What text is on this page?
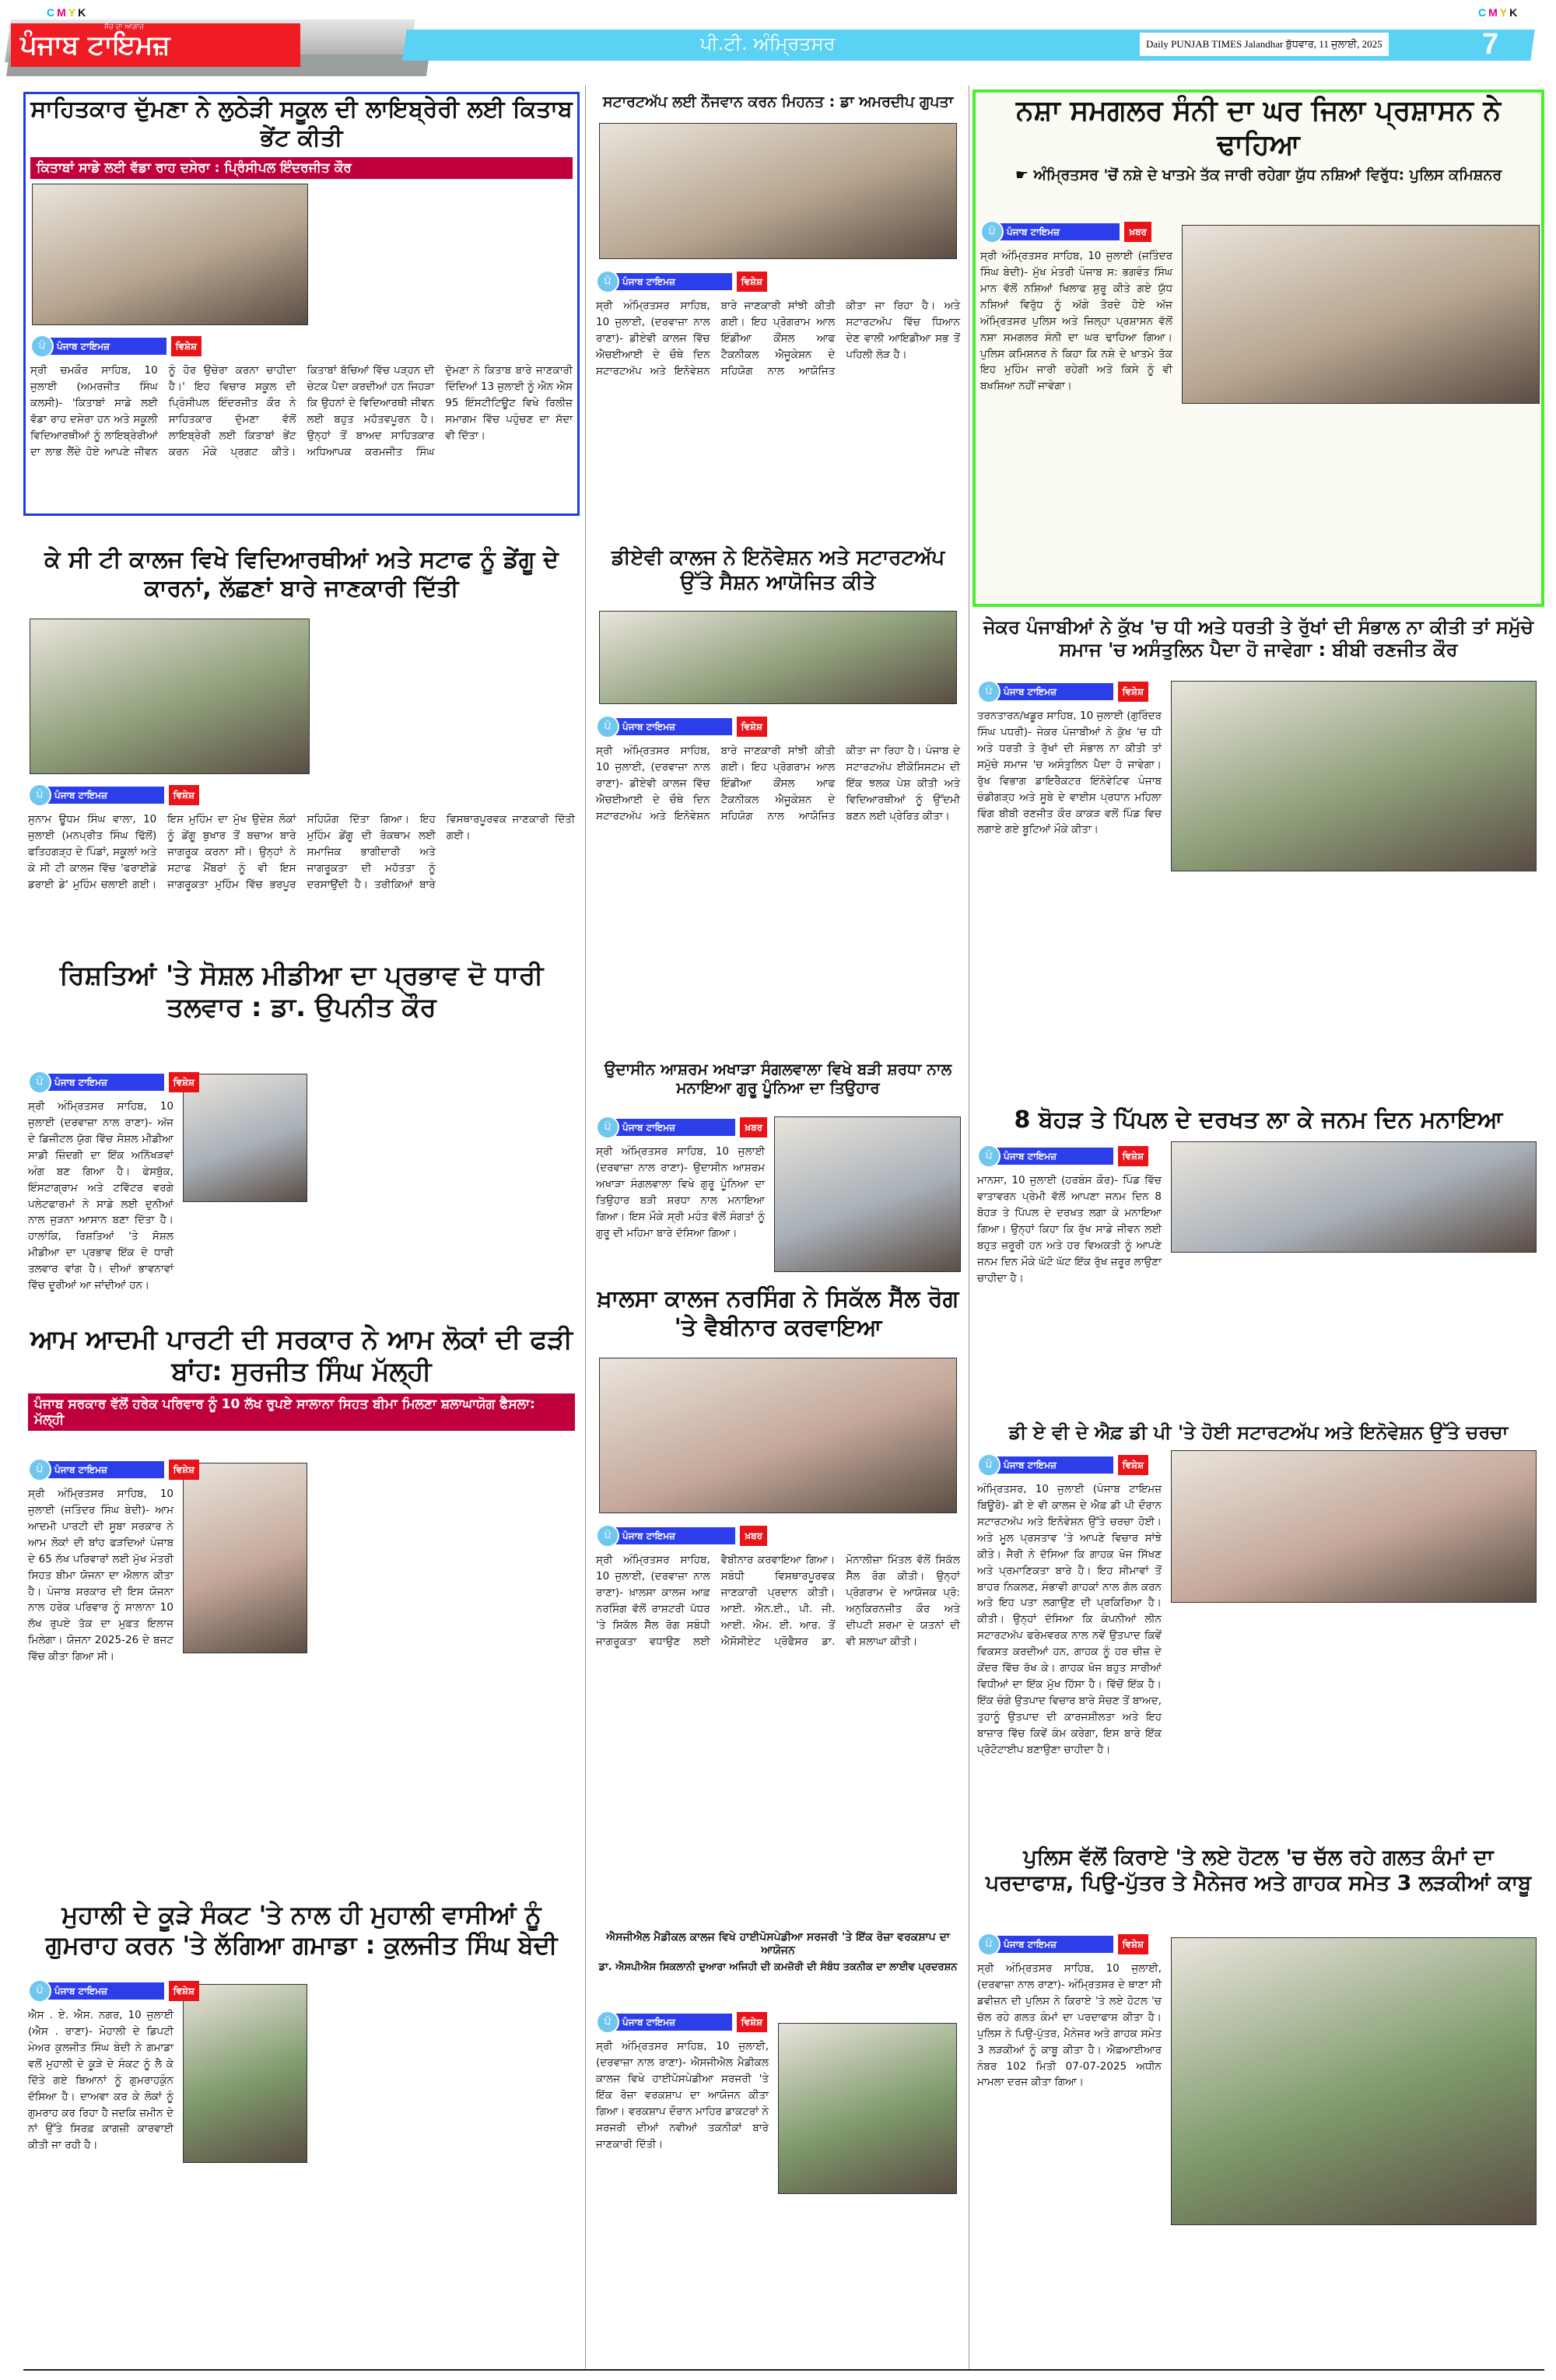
CMYK	CMYK
ਸੱਚ ਦਾ ਆਗਾਜ਼
ਪੰਜਾਬ ਟਾਇਮਜ਼	ਪੀ.ਟੀ. ਅੰਮ੍ਰਿਤਸਰ	Daily PUNJAB TIMES Jalandhar ਬੁੱਧਵਾਰ, 11 ਜੁਲਾਈ, 2025	7
ਸਾਹਿਤਕਾਰ ਦੁੱਮਣਾ ਨੇ ਲੁਠੇੜੀ ਸਕੂਲ ਦੀ ਲਾਇਬ੍ਰੇਰੀ ਲਈ ਕਿਤਾਬ ਭੇਂਟ ਕੀਤੀ
ਕਿਤਾਬਾਂ ਸਾਡੇ ਲਈ ਵੱਡਾ ਰਾਹ ਦਸੇਰਾ : ਪ੍ਰਿੰਸੀਪਲ ਇੰਦਰਜੀਤ ਕੌਰ
ਪੰ	ਪੰਜਾਬ ਟਾਇਮਜ਼	ਵਿਸ਼ੇਸ਼
ਸ੍ਰੀ ਚਮਕੌਰ ਸਾਹਿਬ, 10 ਜੁਲਾਈ (ਅਮਰਜੀਤ ਸਿੰਘ ਕਲਸੀ)- 'ਕਿਤਾਬਾਂ ਸਾਡੇ ਲਈ ਵੱਡਾ ਰਾਹ ਦਸੇਰਾ ਹਨ ਅਤੇ ਸਕੂਲੀ ਵਿਦਿਆਰਥੀਆਂ ਨੂੰ ਲਾਇਬ੍ਰੇਰੀਆਂ ਦਾ ਲਾਭ ਲੈਂਦੇ ਹੋਏ ਆਪਣੇ ਜੀਵਨ ਨੂੰ ਹੋਰ ਉਚੇਰਾ ਕਰਨਾ ਚਾਹੀਦਾ ਹੈ।' ਇਹ ਵਿਚਾਰ ਸਕੂਲ ਦੀ ਪ੍ਰਿੰਸੀਪਲ ਇੰਦਰਜੀਤ ਕੌਰ ਨੇ ਸਾਹਿਤਕਾਰ ਦੁੱਮਣਾ ਵੱਲੋਂ ਲਾਇਬ੍ਰੇਰੀ ਲਈ ਕਿਤਾਬਾਂ ਭੇਂਟ ਕਰਨ ਮੌਕੇ ਪ੍ਰਗਟ ਕੀਤੇ। ਕਿਤਾਬਾਂ ਬੱਚਿਆਂ ਵਿੱਚ ਪੜ੍ਹਨ ਦੀ ਚੇਟਕ ਪੈਦਾ ਕਰਦੀਆਂ ਹਨ ਜਿਹੜਾ ਕਿ ਉਹਨਾਂ ਦੇ ਵਿਦਿਆਰਥੀ ਜੀਵਨ ਲਈ ਬਹੁਤ ਮਹੱਤਵਪੂਰਨ ਹੈ। ਉਨ੍ਹਾਂ ਤੋਂ ਬਾਅਦ ਸਾਹਿਤਕਾਰ ਅਧਿਆਪਕ ਕਰਮਜੀਤ ਸਿੰਘ ਦੁੱਮਣਾ ਨੇ ਕਿਤਾਬ ਬਾਰੇ ਜਾਣਕਾਰੀ ਦਿੰਦਿਆਂ 13 ਜੁਲਾਈ ਨੂੰ ਐਨ ਐਸ 95 ਇੰਸਟੀਟਿਊਟ ਵਿਖੇ ਰਿਲੀਜ਼ ਸਮਾਗਮ ਵਿੱਚ ਪਹੁੰਚਣ ਦਾ ਸੱਦਾ ਵੀ ਦਿੱਤਾ।
ਕੇ ਸੀ ਟੀ ਕਾਲਜ ਵਿਖੇ ਵਿਦਿਆਰਥੀਆਂ ਅਤੇ ਸਟਾਫ ਨੂੰ ਡੇਂਗੂ ਦੇ ਕਾਰਨਾਂ, ਲੱਛਣਾਂ ਬਾਰੇ ਜਾਣਕਾਰੀ ਦਿੱਤੀ
ਪੰ	ਪੰਜਾਬ ਟਾਇਮਜ਼	ਵਿਸ਼ੇਸ਼
ਸੁਨਾਮ ਊਧਮ ਸਿੰਘ ਵਾਲਾ, 10 ਜੁਲਾਈ (ਮਨਪ੍ਰੀਤ ਸਿੰਘ ਢਿੱਲੋਂ) ਫਤਿਹਗੜ੍ਹ ਦੇ ਪਿੰਡਾਂ, ਸਕੂਲਾਂ ਅਤੇ ਕੇ ਸੀ ਟੀ ਕਾਲਜ ਵਿੱਚ 'ਫਰਾਈਡੇ ਡਰਾਈ ਡੇ' ਮੁਹਿੰਮ ਚਲਾਈ ਗਈ। ਇਸ ਮੁਹਿੰਮ ਦਾ ਮੁੱਖ ਉਦੇਸ਼ ਲੋਕਾਂ ਨੂੰ ਡੇਂਗੂ ਬੁਖਾਰ ਤੋਂ ਬਚਾਅ ਬਾਰੇ ਜਾਗਰੂਕ ਕਰਨਾ ਸੀ। ਉਨ੍ਹਾਂ ਨੇ ਸਟਾਫ ਮੈਂਬਰਾਂ ਨੂੰ ਵੀ ਇਸ ਜਾਗਰੂਕਤਾ ਮੁਹਿੰਮ ਵਿੱਚ ਭਰਪੂਰ ਸਹਿਯੋਗ ਦਿੱਤਾ ਗਿਆ। ਇਹ ਮੁਹਿੰਮ ਡੇਂਗੂ ਦੀ ਰੋਕਥਾਮ ਲਈ ਸਮਾਜਿਕ ਭਾਗੀਦਾਰੀ ਅਤੇ ਜਾਗਰੂਕਤਾ ਦੀ ਮਹੱਤਤਾ ਨੂੰ ਦਰਸਾਉਂਦੀ ਹੈ। ਤਰੀਕਿਆਂ ਬਾਰੇ ਵਿਸਥਾਰਪੂਰਵਕ ਜਾਣਕਾਰੀ ਦਿੱਤੀ ਗਈ।
ਰਿਸ਼ਤਿਆਂ 'ਤੇ ਸੋਸ਼ਲ ਮੀਡੀਆ ਦਾ ਪ੍ਰਭਾਵ ਦੋ ਧਾਰੀ ਤਲਵਾਰ : ਡਾ. ਉਪਨੀਤ ਕੌਰ
ਪੰ	ਪੰਜਾਬ ਟਾਇਮਜ਼	ਵਿਸ਼ੇਸ਼
ਸ੍ਰੀ ਅੰਮ੍ਰਿਤਸਰ ਸਾਹਿਬ, 10 ਜੁਲਾਈ (ਦਰਵਾਜ਼ਾ ਨਾਲ ਰਾਣਾ)- ਅੱਜ ਦੇ ਡਿਜੀਟਲ ਯੁੱਗ ਵਿੱਚ ਸੋਸ਼ਲ ਮੀਡੀਆ ਸਾਡੀ ਜ਼ਿੰਦਗੀ ਦਾ ਇੱਕ ਅਨਿੱਖੜਵਾਂ ਅੰਗ ਬਣ ਗਿਆ ਹੈ। ਫੇਸਬੁੱਕ, ਇੰਸਟਾਗ੍ਰਾਮ ਅਤੇ ਟਵਿੱਟਰ ਵਰਗੇ ਪਲੇਟਫਾਰਮਾਂ ਨੇ ਸਾਡੇ ਲਈ ਦੁਨੀਆਂ ਨਾਲ ਜੁੜਨਾ ਆਸਾਨ ਬਣਾ ਦਿੱਤਾ ਹੈ। ਹਾਲਾਂਕਿ, ਰਿਸ਼ਤਿਆਂ 'ਤੇ ਸੋਸ਼ਲ ਮੀਡੀਆ ਦਾ ਪ੍ਰਭਾਵ ਇੱਕ ਦੋ ਧਾਰੀ ਤਲਵਾਰ ਵਾਂਗ ਹੈ। ਦੀਆਂ ਭਾਵਨਾਵਾਂ ਵਿੱਚ ਦੂਰੀਆਂ ਆ ਜਾਂਦੀਆਂ ਹਨ।
ਆਮ ਆਦਮੀ ਪਾਰਟੀ ਦੀ ਸਰਕਾਰ ਨੇ ਆਮ ਲੋਕਾਂ ਦੀ ਫੜੀ ਬਾਂਹ: ਸੁਰਜੀਤ ਸਿੰਘ ਮੱਲ੍ਹੀ
ਪੰਜਾਬ ਸਰਕਾਰ ਵੱਲੋਂ ਹਰੇਕ ਪਰਿਵਾਰ ਨੂੰ 10 ਲੱਖ ਰੁਪਏ ਸਾਲਾਨਾ ਸਿਹਤ ਬੀਮਾ ਮਿਲਣਾ ਸ਼ਲਾਘਾਯੋਗ ਫੈਸਲਾ: ਮੱਲ੍ਹੀ
ਪੰ	ਪੰਜਾਬ ਟਾਇਮਜ਼	ਵਿਸ਼ੇਸ਼
ਸ੍ਰੀ ਅੰਮ੍ਰਿਤਸਰ ਸਾਹਿਬ, 10 ਜੁਲਾਈ (ਜਤਿੰਦਰ ਸਿੰਘ ਬੇਦੀ)- ਆਮ ਆਦਮੀ ਪਾਰਟੀ ਦੀ ਸੂਬਾ ਸਰਕਾਰ ਨੇ ਆਮ ਲੋਕਾਂ ਦੀ ਬਾਂਹ ਫੜਦਿਆਂ ਪੰਜਾਬ ਦੇ 65 ਲੱਖ ਪਰਿਵਾਰਾਂ ਲਈ ਮੁੱਖ ਮੰਤਰੀ ਸਿਹਤ ਬੀਮਾ ਯੋਜਨਾ ਦਾ ਐਲਾਨ ਕੀਤਾ ਹੈ। ਪੰਜਾਬ ਸਰਕਾਰ ਦੀ ਇਸ ਯੋਜਨਾ ਨਾਲ ਹਰੇਕ ਪਰਿਵਾਰ ਨੂੰ ਸਾਲਾਨਾ 10 ਲੱਖ ਰੁਪਏ ਤੱਕ ਦਾ ਮੁਫ਼ਤ ਇਲਾਜ ਮਿਲੇਗਾ। ਯੋਜਨਾ 2025-26 ਦੇ ਬਜਟ ਵਿੱਚ ਕੀਤਾ ਗਿਆ ਸੀ।
ਮੁਹਾਲੀ ਦੇ ਕੂੜੇ ਸੰਕਟ 'ਤੇ ਨਾਲ ਹੀ ਮੁਹਾਲੀ ਵਾਸੀਆਂ ਨੂੰ ਗੁਮਰਾਹ ਕਰਨ 'ਤੇ ਲੱਗਿਆ ਗਮਾਡਾ : ਕੁਲਜੀਤ ਸਿੰਘ ਬੇਦੀ
ਪੰ	ਪੰਜਾਬ ਟਾਇਮਜ਼	ਵਿਸ਼ੇਸ਼
ਐਸ . ਏ. ਐਸ. ਨਗਰ, 10 ਜੁਲਾਈ (ਐਸ . ਰਾਣਾ)- ਮੋਹਾਲੀ ਦੇ ਡਿਪਟੀ ਮੇਅਰ ਕੁਲਜੀਤ ਸਿੰਘ ਬੇਦੀ ਨੇ ਗਮਾਡਾ ਵਲੋਂ ਮੁਹਾਲੀ ਦੇ ਕੂੜੇ ਦੇ ਸੰਕਟ ਨੂੰ ਲੈ ਕੇ ਦਿੱਤੇ ਗਏ ਬਿਆਨਾਂ ਨੂੰ ਗੁਮਰਾਹਕੁੰਨ ਦੱਸਿਆ ਹੈ। ਦਾਅਵਾ ਕਰ ਕੇ ਲੋਕਾਂ ਨੂੰ ਗੁਮਰਾਹ ਕਰ ਰਿਹਾ ਹੈ ਜਦਕਿ ਜ਼ਮੀਨ ਦੇ ਨਾਂ ਉੱਤੇ ਸਿਰਫ਼ ਕਾਗਜ਼ੀ ਕਾਰਵਾਈ ਕੀਤੀ ਜਾ ਰਹੀ ਹੈ।
ਸਟਾਰਟਅੱਪ ਲਈ ਨੌਜਵਾਨ ਕਰਨ ਮਿਹਨਤ : ਡਾ ਅਮਰਦੀਪ ਗੁਪਤਾ
ਪੰ	ਪੰਜਾਬ ਟਾਇਮਜ਼	ਵਿਸ਼ੇਸ਼
ਸ੍ਰੀ ਅੰਮ੍ਰਿਤਸਰ ਸਾਹਿਬ, 10 ਜੁਲਾਈ, (ਦਰਵਾਜ਼ਾ ਨਾਲ ਰਾਣਾ)- ਡੀਏਵੀ ਕਾਲਜ ਵਿੱਚ ਐਚਈਆਈ ਦੇ ਚੌਥੇ ਦਿਨ ਸਟਾਰਟਅੱਪ ਅਤੇ ਇਨੋਵੇਸ਼ਨ ਬਾਰੇ ਜਾਣਕਾਰੀ ਸਾਂਝੀ ਕੀਤੀ ਗਈ। ਇਹ ਪ੍ਰੋਗਰਾਮ ਆਲ ਇੰਡੀਆ ਕੌਂਸਲ ਆਫ ਟੈਕਨੀਕਲ ਐਜੂਕੇਸ਼ਨ ਦੇ ਸਹਿਯੋਗ ਨਾਲ ਆਯੋਜਿਤ ਕੀਤਾ ਜਾ ਰਿਹਾ ਹੈ। ਅਤੇ ਸਟਾਰਟਅੱਪ ਵਿੱਚ ਧਿਆਨ ਦੇਣ ਵਾਲੀ ਆਇਡੀਆ ਸਭ ਤੋਂ ਪਹਿਲੀ ਲੋੜ ਹੈ।
ਡੀਏਵੀ ਕਾਲਜ ਨੇ ਇਨੋਵੇਸ਼ਨ ਅਤੇ ਸਟਾਰਟਅੱਪ ਉੱਤੇ ਸੈਸ਼ਨ ਆਯੋਜਿਤ ਕੀਤੇ
ਪੰ	ਪੰਜਾਬ ਟਾਇਮਜ਼	ਵਿਸ਼ੇਸ਼
ਸ੍ਰੀ ਅੰਮ੍ਰਿਤਸਰ ਸਾਹਿਬ, 10 ਜੁਲਾਈ, (ਦਰਵਾਜ਼ਾ ਨਾਲ ਰਾਣਾ)- ਡੀਏਵੀ ਕਾਲਜ ਵਿੱਚ ਐਚਈਆਈ ਦੇ ਚੌਥੇ ਦਿਨ ਸਟਾਰਟਅੱਪ ਅਤੇ ਇਨੋਵੇਸ਼ਨ ਬਾਰੇ ਜਾਣਕਾਰੀ ਸਾਂਝੀ ਕੀਤੀ ਗਈ। ਇਹ ਪ੍ਰੋਗਰਾਮ ਆਲ ਇੰਡੀਆ ਕੌਂਸਲ ਆਫ ਟੈਕਨੀਕਲ ਐਜੂਕੇਸ਼ਨ ਦੇ ਸਹਿਯੋਗ ਨਾਲ ਆਯੋਜਿਤ ਕੀਤਾ ਜਾ ਰਿਹਾ ਹੈ। ਪੰਜਾਬ ਦੇ ਸਟਾਰਟਅੱਪ ਈਕੋਸਿਸਟਮ ਦੀ ਇੱਕ ਝਲਕ ਪੇਸ਼ ਕੀਤੀ ਅਤੇ ਵਿਦਿਆਰਥੀਆਂ ਨੂੰ ਉੱਦਮੀ ਬਣਨ ਲਈ ਪ੍ਰੇਰਿਤ ਕੀਤਾ।
ਉਦਾਸੀਨ ਆਸ਼ਰਮ ਅਖਾੜਾ ਸੰਗਲਵਾਲਾ ਵਿਖੇ ਬੜੀ ਸ਼ਰਧਾ ਨਾਲ ਮਨਾਇਆ ਗੁਰੂ ਪੂੰਨਿਆ ਦਾ ਤਿਉਹਾਰ
ਪੰ	ਪੰਜਾਬ ਟਾਇਮਜ਼	ਖ਼ਬਰ
ਸ੍ਰੀ ਅੰਮ੍ਰਿਤਸਰ ਸਾਹਿਬ, 10 ਜੁਲਾਈ (ਦਰਵਾਜ਼ਾ ਨਾਲ ਰਾਣਾ)- ਉਦਾਸੀਨ ਆਸ਼ਰਮ ਅਖਾੜਾ ਸੰਗਲਵਾਲਾ ਵਿਖੇ ਗੁਰੂ ਪੂੰਨਿਆ ਦਾ ਤਿਉਹਾਰ ਬੜੀ ਸ਼ਰਧਾ ਨਾਲ ਮਨਾਇਆ ਗਿਆ। ਇਸ ਮੌਕੇ ਸ੍ਰੀ ਮਹੰਤ ਵੱਲੋਂ ਸੰਗਤਾਂ ਨੂੰ ਗੁਰੂ ਦੀ ਮਹਿਮਾ ਬਾਰੇ ਦੱਸਿਆ ਗਿਆ।
ਖ਼ਾਲਸਾ ਕਾਲਜ ਨਰਸਿੰਗ ਨੇ ਸਿਕੱਲ ਸੈੱਲ ਰੋਗ 'ਤੇ ਵੈਬੀਨਾਰ ਕਰਵਾਇਆ
ਪੰ	ਪੰਜਾਬ ਟਾਇਮਜ਼	ਖ਼ਬਰ
ਸ੍ਰੀ ਅੰਮ੍ਰਿਤਸਰ ਸਾਹਿਬ, 10 ਜੁਲਾਈ, (ਦਰਵਾਜ਼ਾ ਨਾਲ ਰਾਣਾ)- ਖ਼ਾਲਸਾ ਕਾਲਜ ਆਫ਼ ਨਰਸਿੰਗ ਵੱਲੋਂ ਰਾਸ਼ਟਰੀ ਪੱਧਰ 'ਤੇ ਸਿਕੱਲ ਸੈੱਲ ਰੋਗ ਸਬੰਧੀ ਜਾਗਰੂਕਤਾ ਵਧਾਉਣ ਲਈ ਵੈਬੀਨਾਰ ਕਰਵਾਇਆ ਗਿਆ। ਸਬੰਧੀ ਵਿਸਥਾਰਪੂਰਵਕ ਜਾਣਕਾਰੀ ਪ੍ਰਦਾਨ ਕੀਤੀ। ਆਈ. ਐਨ.ਈ., ਪੀ. ਜੀ. ਆਈ. ਐਮ. ਈ. ਆਰ. ਤੋਂ ਐਸੋਸੀਏਟ ਪ੍ਰੋਫੈਸਰ ਡਾ. ਮੋਨਾਲੀਜ਼ਾ ਮਿੱਤਲ ਵੱਲੋਂ ਸਿਕੱਲ ਸੈੱਲ ਰੋਗ ਕੀਤੀ। ਉਨ੍ਹਾਂ ਪ੍ਰੋਗਰਾਮ ਦੇ ਆਯੋਜਕ ਪ੍ਰੋ: ਅਨੁਕਿਰਨਜੀਤ ਕੌਰ ਅਤੇ ਦੀਪਟੀ ਸ਼ਰਮਾ ਦੇ ਯਤਨਾਂ ਦੀ ਵੀ ਸ਼ਲਾਘਾ ਕੀਤੀ।
ਐਸਜੀਐਲ ਮੈਡੀਕਲ ਕਾਲਜ ਵਿਖੇ ਹਾਈਪੋਸਪੇਡੀਆ ਸਰਜਰੀ 'ਤੇ ਇੱਕ ਰੋਜ਼ਾ ਵਰਕਸ਼ਾਪ ਦਾ ਆਯੋਜਨ
ਡਾ. ਐਸਪੀਐਸ ਸਿਕਲਾਨੀ ਦੁਆਰਾ ਅਜਿਹੀ ਦੀ ਕਮਜ਼ੋਰੀ ਦੀ ਸੰਬੰਧ ਤਕਨੀਕ ਦਾ ਲਾਈਵ ਪ੍ਰਦਰਸ਼ਨ
ਪੰ	ਪੰਜਾਬ ਟਾਇਮਜ਼	ਵਿਸ਼ੇਸ਼
ਸ੍ਰੀ ਅੰਮ੍ਰਿਤਸਰ ਸਾਹਿਬ, 10 ਜੁਲਾਈ, (ਦਰਵਾਜ਼ਾ ਨਾਲ ਰਾਣਾ)- ਐਸਜੀਐਲ ਮੈਡੀਕਲ ਕਾਲਜ ਵਿਖੇ ਹਾਈਪੋਸਪੇਡੀਆ ਸਰਜਰੀ 'ਤੇ ਇੱਕ ਰੋਜ਼ਾ ਵਰਕਸ਼ਾਪ ਦਾ ਆਯੋਜਨ ਕੀਤਾ ਗਿਆ। ਵਰਕਸ਼ਾਪ ਦੌਰਾਨ ਮਾਹਿਰ ਡਾਕਟਰਾਂ ਨੇ ਸਰਜਰੀ ਦੀਆਂ ਨਵੀਆਂ ਤਕਨੀਕਾਂ ਬਾਰੇ ਜਾਣਕਾਰੀ ਦਿੱਤੀ।
ਨਸ਼ਾ ਸਮਗਲਰ ਸੰਨੀ ਦਾ ਘਰ ਜਿਲਾ ਪ੍ਰਸ਼ਾਸਨ ਨੇ ਢਾਹਿਆ
☛ ਅੰਮ੍ਰਿਤਸਰ 'ਚੋਂ ਨਸ਼ੇ ਦੇ ਖਾਤਮੇ ਤੱਕ ਜਾਰੀ ਰਹੇਗਾ ਯੁੱਧ ਨਸ਼ਿਆਂ ਵਿਰੁੱਧ: ਪੁਲਿਸ ਕਮਿਸ਼ਨਰ
ਪੰ	ਪੰਜਾਬ ਟਾਇਮਜ਼	ਖ਼ਬਰ
ਸ੍ਰੀ ਅੰਮ੍ਰਿਤਸਰ ਸਾਹਿਬ, 10 ਜੁਲਾਈ (ਜਤਿੰਦਰ ਸਿੰਘ ਬੇਦੀ)- ਮੁੱਖ ਮੰਤਰੀ ਪੰਜਾਬ ਸ: ਭਗਵੰਤ ਸਿੰਘ ਮਾਨ ਵੱਲੋਂ ਨਸ਼ਿਆਂ ਖਿਲਾਫ ਸ਼ੁਰੂ ਕੀਤੇ ਗਏ ਯੁੱਧ ਨਸ਼ਿਆਂ ਵਿਰੁੱਧ ਨੂੰ ਅੱਗੇ ਤੋਰਦੇ ਹੋਏ ਅੱਜ ਅੰਮ੍ਰਿਤਸਰ ਪੁਲਿਸ ਅਤੇ ਜਿਲ੍ਹਾ ਪ੍ਰਸ਼ਾਸਨ ਵੱਲੋਂ ਨਸ਼ਾ ਸਮਗਲਰ ਸੰਨੀ ਦਾ ਘਰ ਢਾਹਿਆ ਗਿਆ। ਪੁਲਿਸ ਕਮਿਸ਼ਨਰ ਨੇ ਕਿਹਾ ਕਿ ਨਸ਼ੇ ਦੇ ਖਾਤਮੇ ਤੱਕ ਇਹ ਮੁਹਿੰਮ ਜਾਰੀ ਰਹੇਗੀ ਅਤੇ ਕਿਸੇ ਨੂੰ ਵੀ ਬਖਸ਼ਿਆ ਨਹੀਂ ਜਾਵੇਗਾ।
ਜੇਕਰ ਪੰਜਾਬੀਆਂ ਨੇ ਕੁੱਖ 'ਚ ਧੀ ਅਤੇ ਧਰਤੀ ਤੇ ਰੁੱਖਾਂ ਦੀ ਸੰਭਾਲ ਨਾ ਕੀਤੀ ਤਾਂ ਸਮੁੱਚੇ ਸਮਾਜ 'ਚ ਅਸੰਤੁਲਿਨ ਪੈਦਾ ਹੋ ਜਾਵੇਗਾ : ਬੀਬੀ ਰਣਜੀਤ ਕੌਰ
ਪੰ	ਪੰਜਾਬ ਟਾਇਮਜ਼	ਵਿਸ਼ੇਸ਼
ਤਰਨਤਾਰਨ/ਖਡੂਰ ਸਾਹਿਬ, 10 ਜੁਲਾਈ (ਗੁਰਿੰਦਰ ਸਿੰਘ ਪਧਰੀ)- ਜੇਕਰ ਪੰਜਾਬੀਆਂ ਨੇ ਕੁੱਖ 'ਚ ਧੀ ਅਤੇ ਧਰਤੀ ਤੇ ਰੁੱਖਾਂ ਦੀ ਸੰਭਾਲ ਨਾ ਕੀਤੀ ਤਾਂ ਸਮੁੱਚੇ ਸਮਾਜ 'ਚ ਅਸੰਤੁਲਿਨ ਪੈਦਾ ਹੋ ਜਾਵੇਗਾ। ਰੁੱਖ ਵਿਭਾਗ ਡਾਇਰੈਕਟਰ ਇੰਨੋਵੇਟਿਵ ਪੰਜਾਬ ਚੰਡੀਗੜ੍ਹ ਅਤੇ ਸੂਬੇ ਦੇ ਵਾਈਸ ਪ੍ਰਧਾਨ ਮਹਿਲਾ ਵਿੰਗ ਬੀਬੀ ਰਣਜੀਤ ਕੌਰ ਕਾਕੜ ਵਲੋਂ ਪਿੰਡ ਵਿਚ ਲਗਾਏ ਗਏ ਬੂਟਿਆਂ ਮੌਕੇ ਕੀਤਾ।
8 ਬੋਹੜ ਤੇ ਪਿੱਪਲ ਦੇ ਦਰਖਤ ਲਾ ਕੇ ਜਨਮ ਦਿਨ ਮਨਾਇਆ
ਪੰ	ਪੰਜਾਬ ਟਾਇਮਜ਼	ਵਿਸ਼ੇਸ਼
ਮਾਨਸਾ, 10 ਜੁਲਾਈ (ਹਰਬੰਸ ਕੌਰ)- ਪਿੰਡ ਵਿੱਚ ਵਾਤਾਵਰਨ ਪ੍ਰੇਮੀ ਵੱਲੋਂ ਆਪਣਾ ਜਨਮ ਦਿਨ 8 ਬੋਹੜ ਤੇ ਪਿੱਪਲ ਦੇ ਦਰਖਤ ਲਗਾ ਕੇ ਮਨਾਇਆ ਗਿਆ। ਉਨ੍ਹਾਂ ਕਿਹਾ ਕਿ ਰੁੱਖ ਸਾਡੇ ਜੀਵਨ ਲਈ ਬਹੁਤ ਜ਼ਰੂਰੀ ਹਨ ਅਤੇ ਹਰ ਵਿਅਕਤੀ ਨੂੰ ਆਪਣੇ ਜਨਮ ਦਿਨ ਮੌਕੇ ਘੱਟੋ ਘੱਟ ਇੱਕ ਰੁੱਖ ਜ਼ਰੂਰ ਲਾਉਣਾ ਚਾਹੀਦਾ ਹੈ।
ਡੀ ਏ ਵੀ ਦੇ ਐਫ਼ ਡੀ ਪੀ 'ਤੇ ਹੋਈ ਸਟਾਰਟਅੱਪ ਅਤੇ ਇਨੋਵੇਸ਼ਨ ਉੱਤੇ ਚਰਚਾ
ਪੰ	ਪੰਜਾਬ ਟਾਇਮਜ਼	ਵਿਸ਼ੇਸ਼
ਅੰਮ੍ਰਿਤਸਰ, 10 ਜੁਲਾਈ (ਪੰਜਾਬ ਟਾਇਮਜ਼ ਬਿਊਰੋ)- ਡੀ ਏ ਵੀ ਕਾਲਜ ਦੇ ਐਫ਼ ਡੀ ਪੀ ਦੌਰਾਨ ਸਟਾਰਟਅੱਪ ਅਤੇ ਇਨੋਵੇਸ਼ਨ ਉੱਤੇ ਚਰਚਾ ਹੋਈ। ਅਤੇ ਮੂਲ ਪ੍ਰਸਤਾਵ 'ਤੇ ਆਪਣੇ ਵਿਚਾਰ ਸਾਂਝੇ ਕੀਤੇ। ਜੈਰੀ ਨੇ ਦੱਸਿਆ ਕਿ ਗਾਹਕ ਖੋਜ ਸਿੱਖਣ ਅਤੇ ਪ੍ਰਮਾਣਿਕਤਾ ਬਾਰੇ ਹੈ। ਇਹ ਸੀਮਾਵਾਂ ਤੋਂ ਬਾਹਰ ਨਿਕਲਣ, ਸੰਭਾਵੀ ਗਾਹਕਾਂ ਨਾਲ ਗੱਲ ਕਰਨ ਅਤੇ ਇਹ ਪਤਾ ਲਗਾਉਣ ਦੀ ਪ੍ਰਕਿਰਿਆ ਹੈ। ਕੀਤੀ। ਉਨ੍ਹਾਂ ਦੱਸਿਆ ਕਿ ਕੰਪਨੀਆਂ ਲੀਨ ਸਟਾਰਟਅੱਪ ਫਰੇਮਵਰਕ ਨਾਲ ਨਵੇਂ ਉਤਪਾਦ ਕਿਵੇਂ ਵਿਕਸਤ ਕਰਦੀਆਂ ਹਨ, ਗਾਹਕ ਨੂੰ ਹਰ ਚੀਜ਼ ਦੇ ਕੇਂਦਰ ਵਿੱਚ ਰੱਖ ਕੇ। ਗਾਹਕ ਖੋਜ ਬਹੁਤ ਸਾਰੀਆਂ ਵਿਧੀਆਂ ਦਾ ਇੱਕ ਮੁੱਖ ਹਿੱਸਾ ਹੈ। ਵਿੱਚੋਂ ਇੱਕ ਹੈ। ਇੱਕ ਚੰਗੇ ਉਤਪਾਦ ਵਿਚਾਰ ਬਾਰੇ ਸੋਚਣ ਤੋਂ ਬਾਅਦ, ਤੁਹਾਨੂੰ ਉਤਪਾਦ ਦੀ ਕਾਰਜਸ਼ੀਲਤਾ ਅਤੇ ਇਹ ਬਾਜ਼ਾਰ ਵਿੱਚ ਕਿਵੇਂ ਕੰਮ ਕਰੇਗਾ, ਇਸ ਬਾਰੇ ਇੱਕ ਪ੍ਰੋਟੋਟਾਈਪ ਬਣਾਉਣਾ ਚਾਹੀਦਾ ਹੈ।
ਪੁਲਿਸ ਵੱਲੋਂ ਕਿਰਾਏ 'ਤੇ ਲਏ ਹੋਟਲ 'ਚ ਚੱਲ ਰਹੇ ਗਲਤ ਕੰਮਾਂ ਦਾ ਪਰਦਾਫਾਸ਼, ਪਿਉ-ਪੁੱਤਰ ਤੇ ਮੈਨੇਜਰ ਅਤੇ ਗਾਹਕ ਸਮੇਤ 3 ਲੜਕੀਆਂ ਕਾਬੂ
ਪੰ	ਪੰਜਾਬ ਟਾਇਮਜ਼	ਵਿਸ਼ੇਸ਼
ਸ੍ਰੀ ਅੰਮ੍ਰਿਤਸਰ ਸਾਹਿਬ, 10 ਜੁਲਾਈ, (ਦਰਵਾਜ਼ਾ ਨਾਲ ਰਾਣਾ)- ਅੰਮ੍ਰਿਤਸਰ ਦੇ ਥਾਣਾ ਸੀ ਡਵੀਜ਼ਨ ਦੀ ਪੁਲਿਸ ਨੇ ਕਿਰਾਏ 'ਤੇ ਲਏ ਹੋਟਲ 'ਚ ਚੱਲ ਰਹੇ ਗਲਤ ਕੰਮਾਂ ਦਾ ਪਰਦਾਫਾਸ਼ ਕੀਤਾ ਹੈ। ਪੁਲਿਸ ਨੇ ਪਿਉ-ਪੁੱਤਰ, ਮੈਨੇਜਰ ਅਤੇ ਗਾਹਕ ਸਮੇਤ 3 ਲੜਕੀਆਂ ਨੂੰ ਕਾਬੂ ਕੀਤਾ ਹੈ। ਐਫ਼ਆਈਆਰ ਨੰਬਰ 102 ਮਿਤੀ 07-07-2025 ਅਧੀਨ ਮਾਮਲਾ ਦਰਜ ਕੀਤਾ ਗਿਆ।
